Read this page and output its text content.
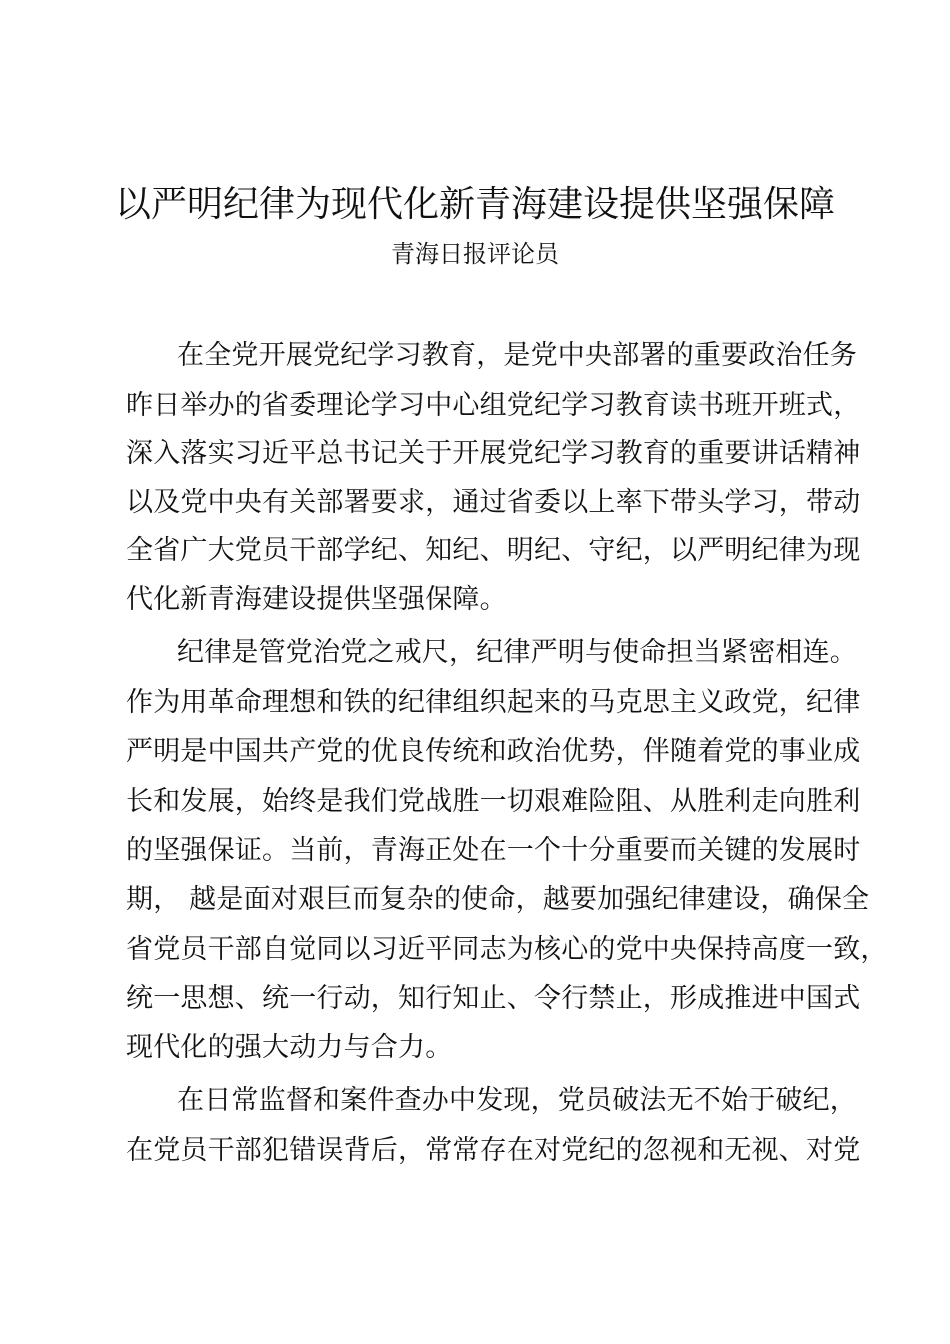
以严明纪律为现代化新青海建设提供坚强保障
青海日报评论员
在全党开展党纪学习教育，是党中央部署的重要政治任务
昨日举办的省委理论学习中心组党纪学习教育读书班开班式，
深入落实习近平总书记关于开展党纪学习教育的重要讲话精神
以及党中央有关部署要求，通过省委以上率下带头学习，带动
全省广大党员干部学纪、知纪、明纪、守纪，以严明纪律为现
代化新青海建设提供坚强保障。
纪律是管党治党之戒尺，纪律严明与使命担当紧密相连。
作为用革命理想和铁的纪律组织起来的马克思主义政党，纪律
严明是中国共产党的优良传统和政治优势，伴随着党的事业成
长和发展，始终是我们党战胜一切艰难险阻、从胜利走向胜利
的坚强保证。当前，青海正处在一个十分重要而关键的发展时
期， 越是面对艰巨而复杂的使命，越要加强纪律建设，确保全
省党员干部自觉同以习近平同志为核心的党中央保持高度一致，
统一思想、统一行动，知行知止、令行禁止，形成推进中国式
现代化的强大动力与合力。
在日常监督和案件查办中发现，党员破法无不始于破纪，
在党员干部犯错误背后，常常存在对党纪的忽视和无视、对党
